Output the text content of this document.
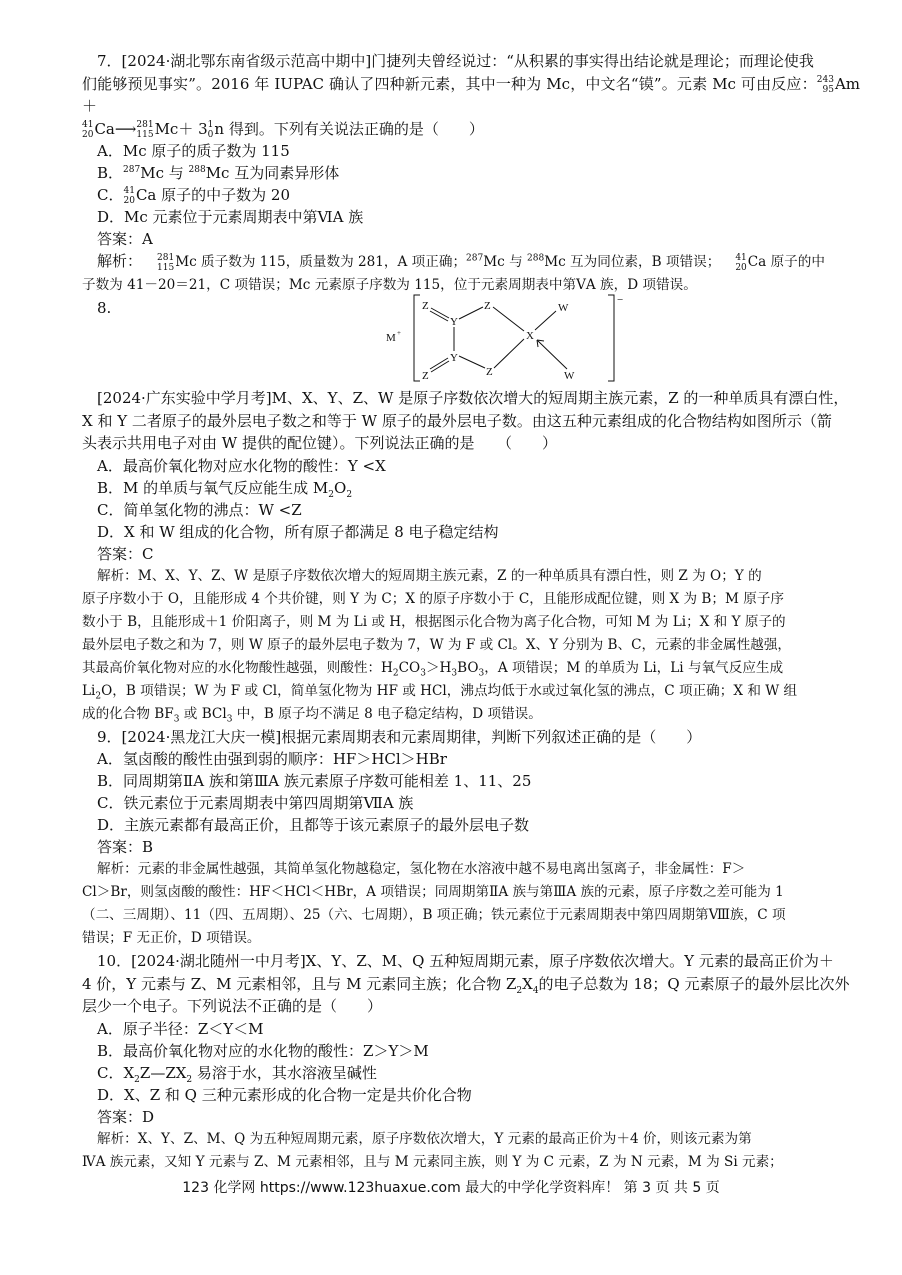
7．[2024·湖北鄂东南省级示范高中期中]门捷列夫曾经说过：“从积累的事实得出结论就是理论；而理论使我

们能够预见事实”。2016 年 IUPAC 确认了四种新元素，其中一种为 Mc，中文名“镆”。元素 Mc 可由反应： 243
95 Am＋

41
20 Ca⟶ 281
115 Mc＋ 3 1
0 n 得到。下列有关说法正确的是（　　）

A．Mc 原子的质子数为 115

B．$^{287}$Mc 与 $^{288}$Mc 互为同素异形体

C． 41
20 Ca 原子的中子数为 20

D．Mc 元素位于元素周期表中第ⅥA 族

答案：A

解析：	281
115 Mc 质子数为 115，质量数为 281，A 项正确；$^{287}$Mc 与 $^{288}$Mc 互为同位素，B 项错误；	41
20 Ca 原子的中

子数为 41－20＝21，C 项错误；Mc 元素原子序数为 115，位于元素周期表中第ⅤA 族，D 项错误。

8.
M +
−
Z
Y
Z
X
W
W
Z
Y
Z

[2024·广东实验中学月考]M、X、Y、Z、W 是原子序数依次增大的短周期主族元素，Z 的一种单质具有漂白性，

X 和 Y 二者原子的最外层电子数之和等于 W 原子的最外层电子数。由这五种元素组成的化合物结构如图所示（箭

头表示共用电子对由 W 提供的配位键）。下列说法正确的是　　（　　）

A．最高价氧化物对应水化物的酸性：Y <X

B．M 的单质与氧气反应能生成 $M_2O_2$

C．简单氢化物的沸点：W <Z

D．X 和 W 组成的化合物，所有原子都满足 8 电子稳定结构

答案：C

解析：M、X、Y、Z、W 是原子序数依次增大的短周期主族元素，Z 的一种单质具有漂白性，则 Z 为 O；Y 的

原子序数小于 O，且能形成 4 个共价键，则 Y 为 C；X 的原子序数小于 C，且能形成配位键，则 X 为 B；M 原子序

数小于 B，且能形成＋1 价阳离子，则 M 为 Li 或 H，根据图示化合物为离子化合物，可知 M 为 Li；X 和 Y 原子的

最外层电子数之和为 7，则 W 原子的最外层电子数为 7，W 为 F 或 Cl。X、Y 分别为 B、C，元素的非金属性越强，

其最高价氧化物对应的水化物酸性越强，则酸性：$H_2CO_3>H_3BO_3$，A 项错误；M 的单质为 Li，Li 与氧气反应生成

$Li_2O$，B 项错误；W 为 F 或 Cl，简单氢化物为 HF 或 HCl，沸点均低于水或过氧化氢的沸点，C 项正确；X 和 W 组

成的化合物 $BF_3$ 或 BCl$_3$ 中，B 原子均不满足 8 电子稳定结构，D 项错误。

9．[2024·黑龙江大庆一模]根据元素周期表和元素周期律，判断下列叙述正确的是（　　）

A．氢卤酸的酸性由强到弱的顺序：HF＞HCl＞HBr

B．同周期第ⅡA 族和第ⅢA 族元素原子序数可能相差 1、11、25

C．铁元素位于元素周期表中第四周期第ⅦA 族

D．主族元素都有最高正价，且都等于该元素原子的最外层电子数

答案：B

解析：元素的非金属性越强，其简单氢化物越稳定，氢化物在水溶液中越不易电离出氢离子，非金属性：F＞

Cl＞Br，则氢卤酸的酸性：HF＜HCl＜HBr，A 项错误；同周期第ⅡA 族与第ⅢA 族的元素，原子序数之差可能为 1

（二、三周期）、11（四、五周期）、25（六、七周期），B 项正确；铁元素位于元素周期表中第四周期第Ⅷ族，C 项

错误；F 无正价，D 项错误。

10．[2024·湖北随州一中月考]X、Y、Z、M、Q 五种短周期元素，原子序数依次增大。Y 元素的最高正价为＋

4 价，Y 元素与 Z、M 元素相邻，且与 M 元素同主族；化合物 $Z_2X_4$的电子总数为 18；Q 元素原子的最外层比次外

层少一个电子。下列说法不正确的是（　　）

A．原子半径：Z＜Y＜M

B．最高价氧化物对应的水化物的酸性：Z＞Y＞M

C．$X_2Z—ZX_2$ 易溶于水，其水溶液呈碱性

D．X、Z 和 Q 三种元素形成的化合物一定是共价化合物

答案：D

解析：X、Y、Z、M、Q 为五种短周期元素，原子序数依次增大，Y 元素的最高正价为＋4 价，则该元素为第

ⅣA 族元素，又知 Y 元素与 Z、M 元素相邻，且与 M 元素同主族，则 Y 为 C 元素，Z 为 N 元素，M 为 Si 元素；

123 化学网 https://www.123huaxue.com 最大的中学化学资料库！ 第 3 页 共 5 页
